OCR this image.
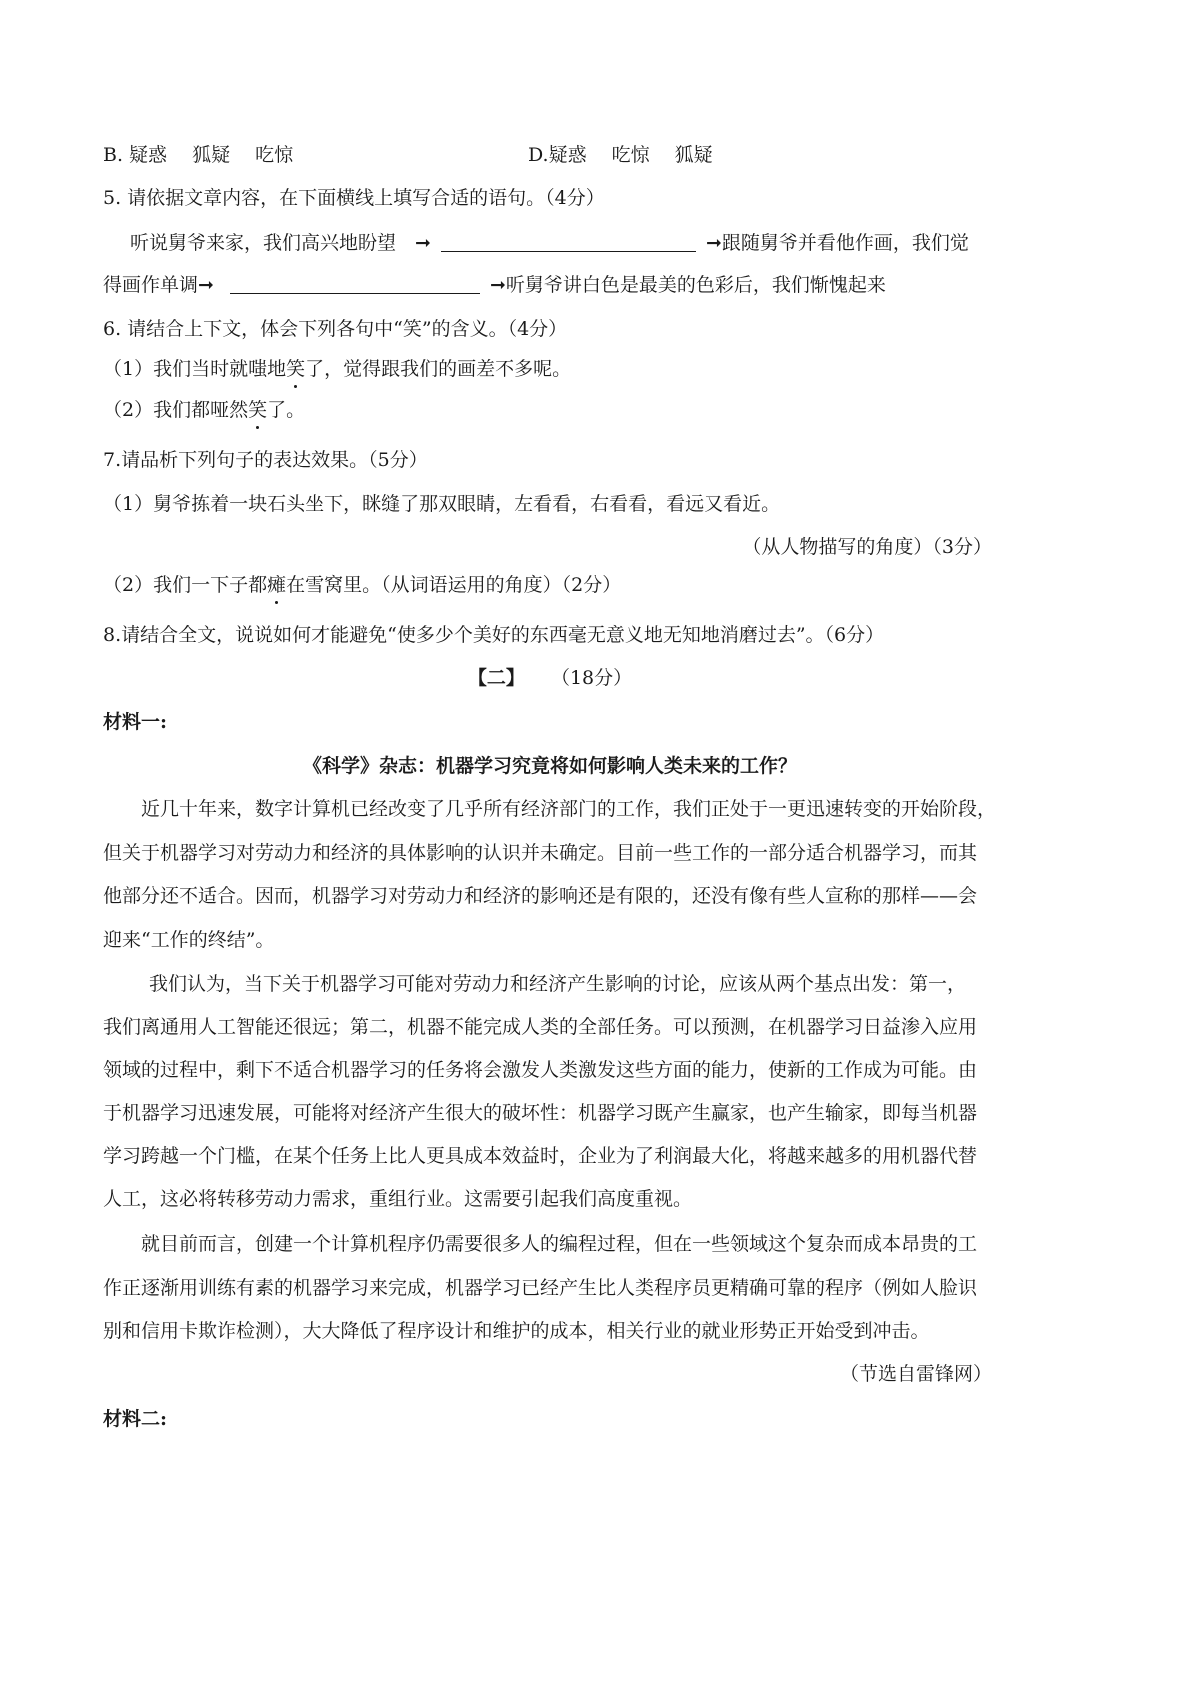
B. 疑惑　 狐疑　 吃惊	D.疑惑　 吃惊　 狐疑
5. 请依据文章内容，在下面横线上填写合适的语句。（4分）
听说舅爷来家，我们高兴地盼望　➞	➞跟随舅爷并看他作画，我们觉
得画作单调➞	➞听舅爷讲白色是最美的色彩后，我们惭愧起来
6. 请结合上下文，体会下列各句中“笑”的含义。（4分）
（1）我们当时就嗤地笑了，觉得跟我们的画差不多呢。
（2）我们都哑然笑了。
7.请品析下列句子的表达效果。（5分）
（1）舅爷拣着一块石头坐下，眯缝了那双眼睛，左看看，右看看，看远又看近。
（从人物描写的角度）（3分）
（2）我们一下子都瘫在雪窝里。（从词语运用的角度）（2分）
8.请结合全文，说说如何才能避免“使多少个美好的东西毫无意义地无知地消磨过去”。（6分）
【二】 （18分）
材料一:
《科学》杂志：机器学习究竟将如何影响人类未来的工作？
近几十年来，数字计算机已经改变了几乎所有经济部门的工作，我们正处于一更迅速转变的开始阶段，
但关于机器学习对劳动力和经济的具体影响的认识并未确定。目前一些工作的一部分适合机器学习，而其
他部分还不适合。因而，机器学习对劳动力和经济的影响还是有限的，还没有像有些人宣称的那样——会
迎来“工作的终结”。
我们认为，当下关于机器学习可能对劳动力和经济产生影响的讨论，应该从两个基点出发：第一，
我们离通用人工智能还很远；第二，机器不能完成人类的全部任务。可以预测，在机器学习日益渗入应用
领域的过程中，剩下不适合机器学习的任务将会激发人类激发这些方面的能力，使新的工作成为可能。由
于机器学习迅速发展，可能将对经济产生很大的破坏性：机器学习既产生赢家，也产生输家，即每当机器
学习跨越一个门槛，在某个任务上比人更具成本效益时，企业为了利润最大化，将越来越多的用机器代替
人工，这必将转移劳动力需求，重组行业。这需要引起我们高度重视。
就目前而言，创建一个计算机程序仍需要很多人的编程过程，但在一些领域这个复杂而成本昂贵的工
作正逐渐用训练有素的机器学习来完成，机器学习已经产生比人类程序员更精确可靠的程序（例如人脸识
别和信用卡欺诈检测），大大降低了程序设计和维护的成本，相关行业的就业形势正开始受到冲击。
（节选自雷锋网）
材料二:
